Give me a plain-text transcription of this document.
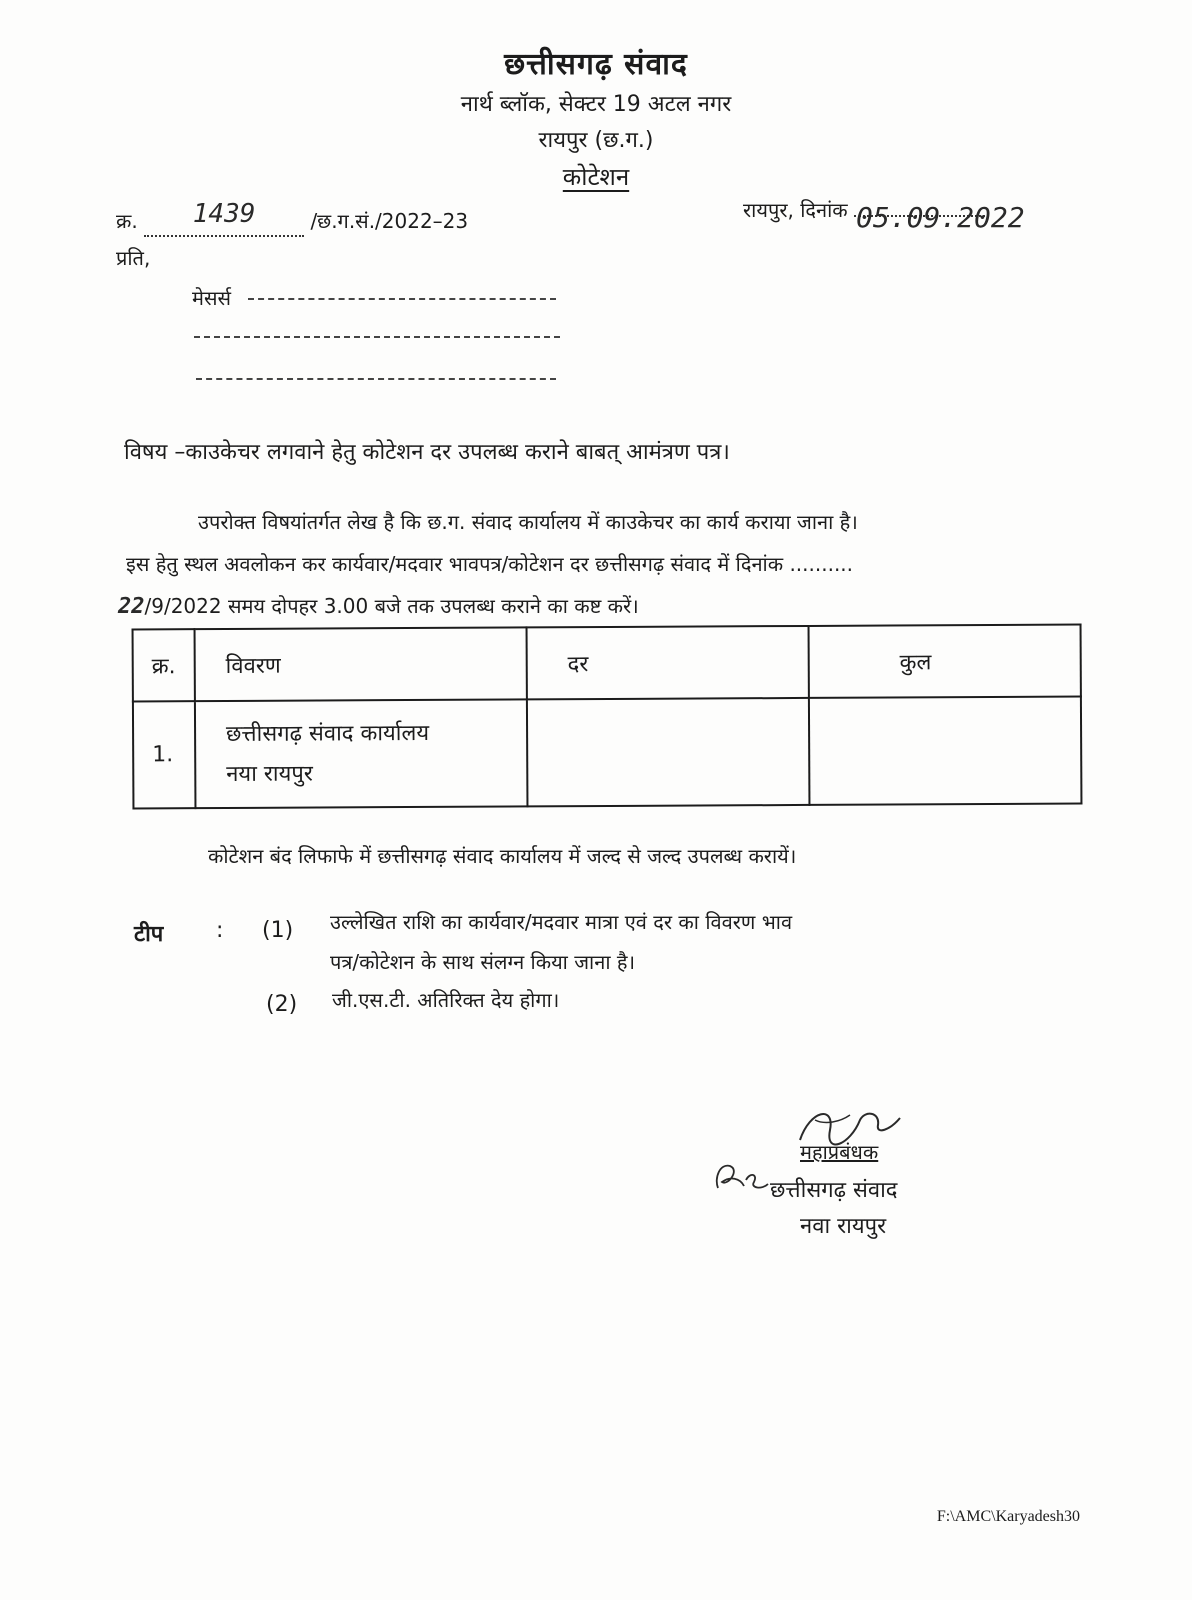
छत्तीसगढ़ संवाद
नार्थ ब्लॉक, सेक्टर 19 अटल नगर
रायपुर (छ.ग.)
कोटेशन
क्र. 1439	/छ.ग.सं./2022–23	रायपुर, दिनांक 05.09.2022
प्रति,
मेसर्स
विषय –काउकेचर लगवाने हेतु कोटेशन दर उपलब्ध कराने बाबत् आमंत्रण पत्र।
उपरोक्त विषयांतर्गत लेख है कि छ.ग. संवाद कार्यालय में काउकेचर का कार्य कराया जाना है।
इस हेतु स्थल अवलोकन कर कार्यवार/मदवार भावपत्र/कोटेशन दर छत्तीसगढ़ संवाद में दिनांक ..........
22/9/2022 समय दोपहर 3.00 बजे तक उपलब्ध कराने का कष्ट करें।
क्र.	विवरण	दर	कुल
1.	छत्तीसगढ़ संवाद कार्यालय
नया रायपुर		

कोटेशन बंद लिफाफे में छत्तीसगढ़ संवाद कार्यालय में जल्द से जल्द उपलब्ध करायें।
टीप : (1) उल्लेखित राशि का कार्यवार/मदवार मात्रा एवं दर का विवरण भाव
पत्र/कोटेशन के साथ संलग्न किया जाना है।
(2) जी.एस.टी. अतिरिक्त देय होगा।
महाप्रबंधक
छत्तीसगढ़ संवाद
नवा रायपुर
F:\AMC\Karyadesh30
